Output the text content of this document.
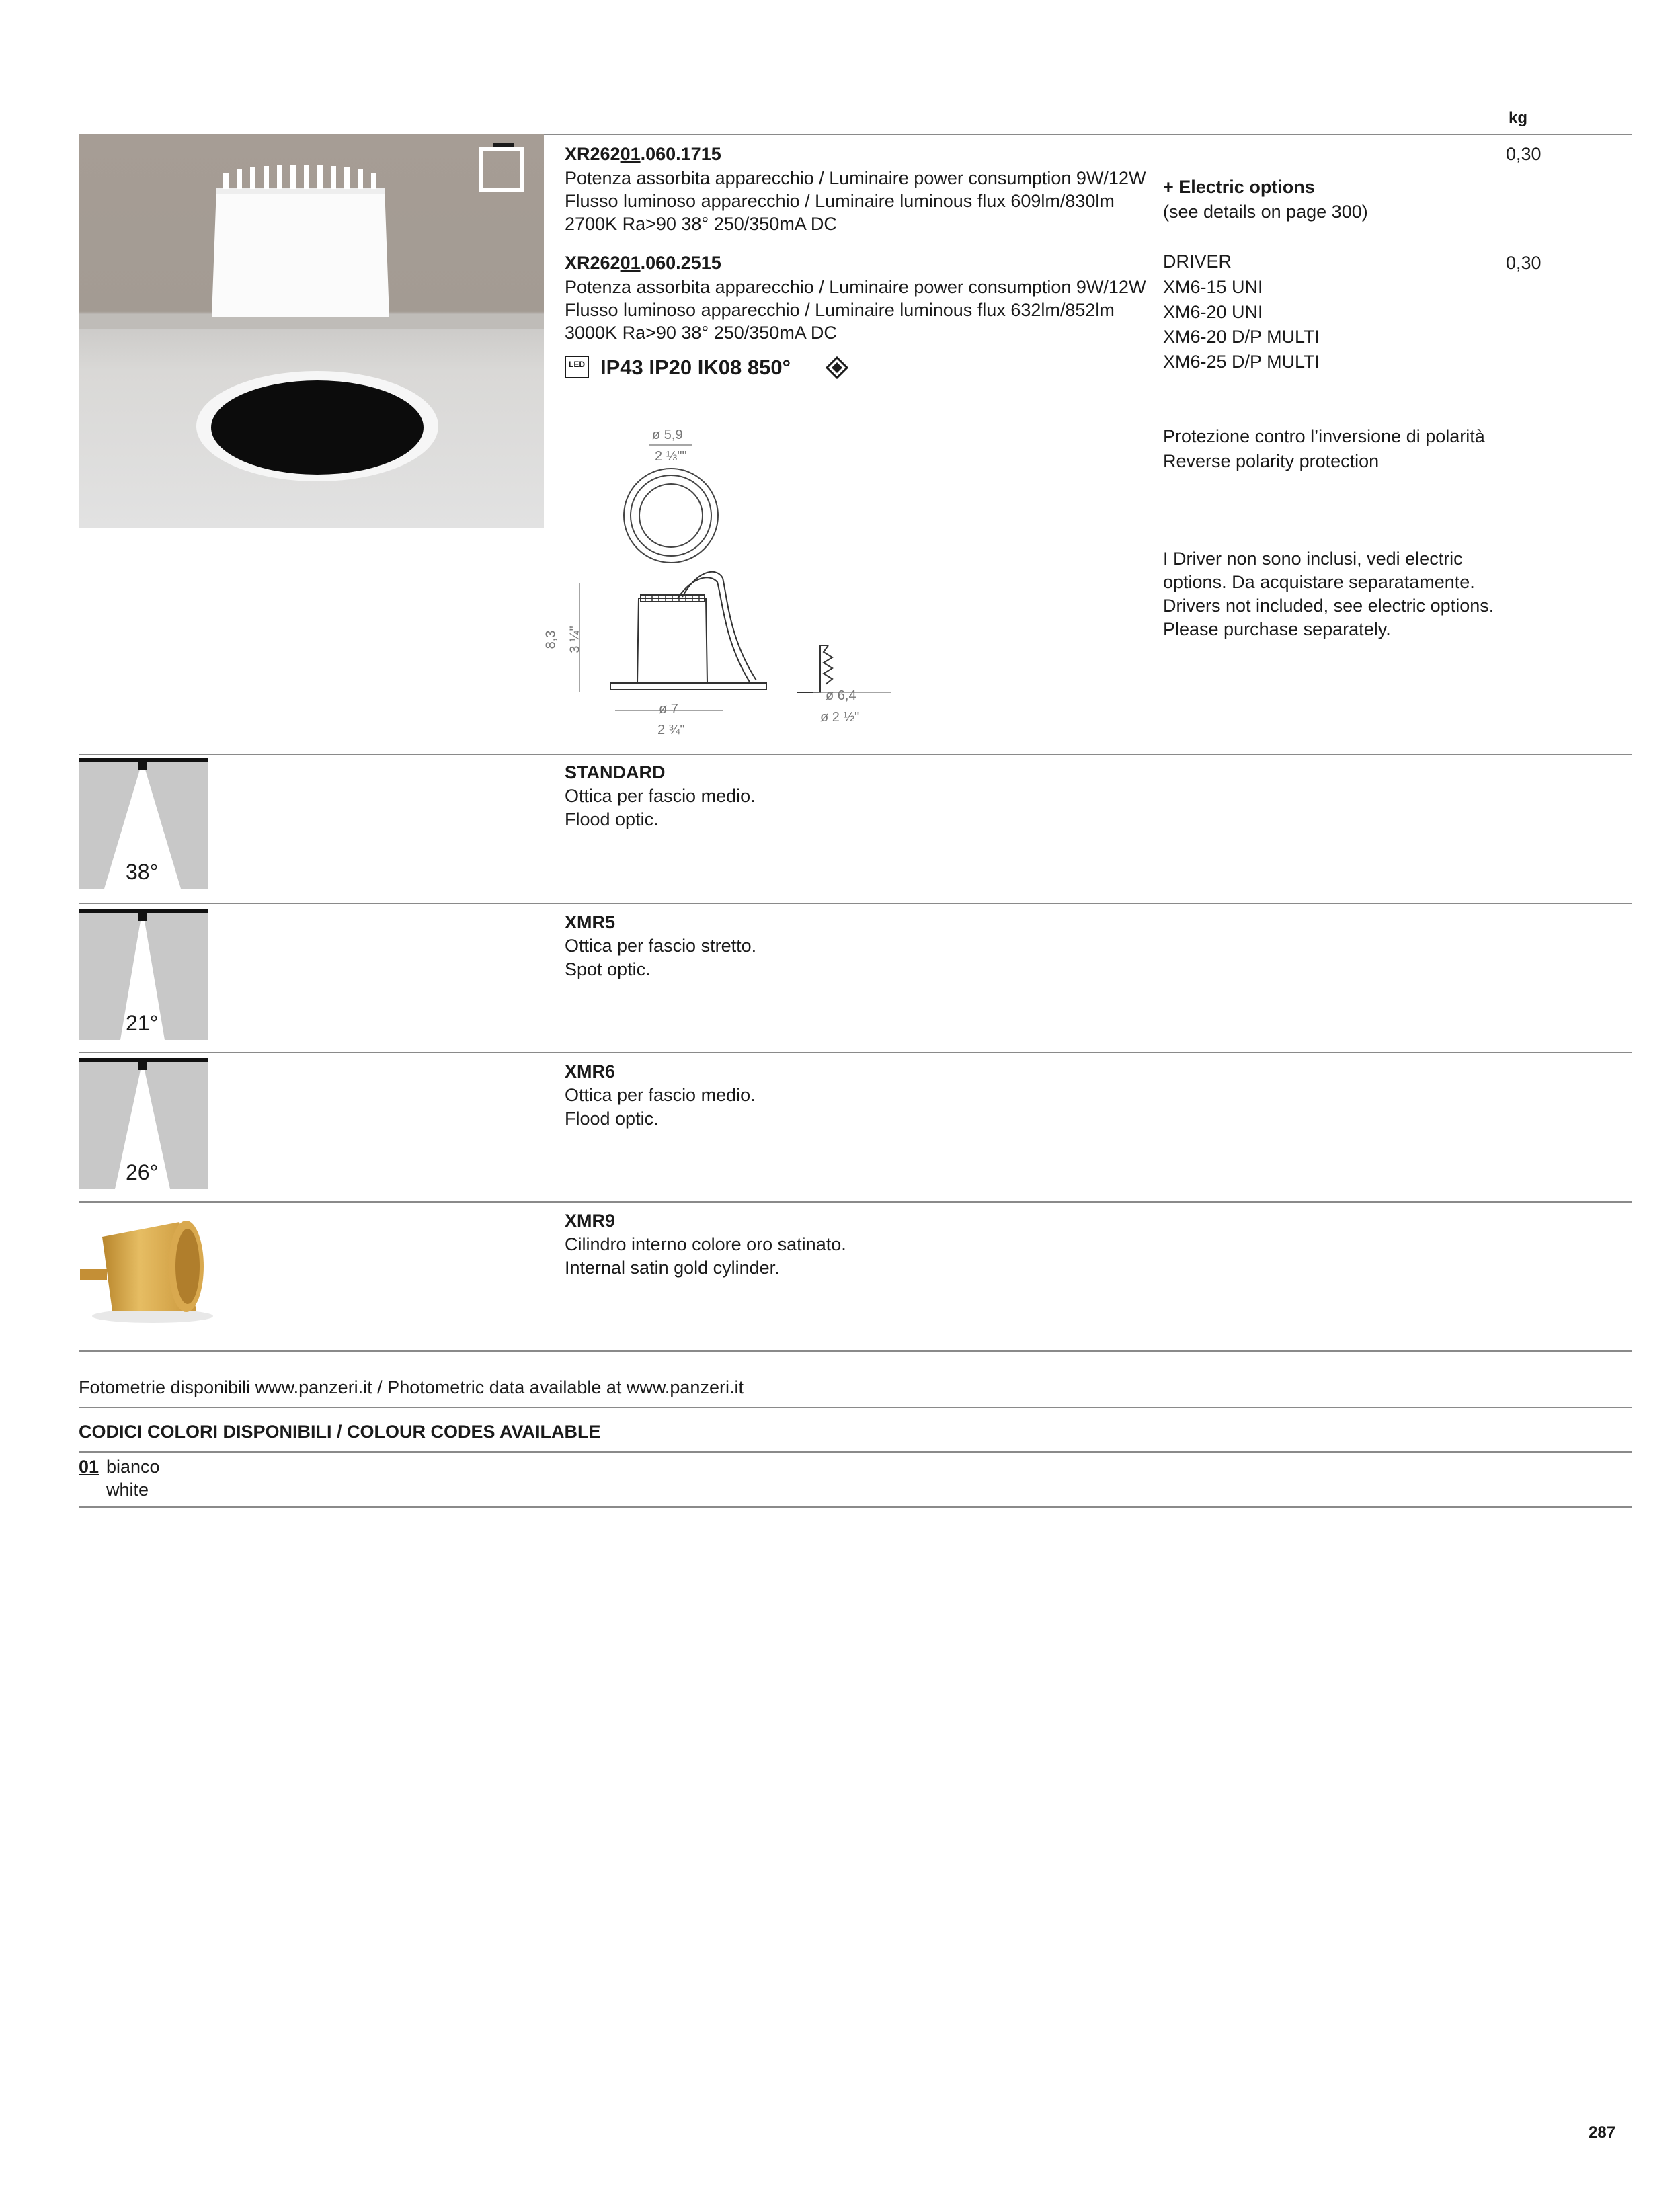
kg
XR26201.060.1715
Potenza assorbita apparecchio / Luminaire power consumption 9W/12W
Flusso luminoso apparecchio / Luminaire luminous flux 609lm/830lm
2700K Ra>90 38° 250/350mA DC
0,30
XR26201.060.2515
Potenza assorbita apparecchio / Luminaire power consumption 9W/12W
Flusso luminoso apparecchio / Luminaire luminous flux 632lm/852lm
3000K Ra>90 38° 250/350mA DC
0,30
LED IP43 IP20 IK08 850°
+ Electric options
(see details on page 300)
DRIVER
XM6-15 UNI
XM6-20 UNI
XM6-20 D/P MULTI
XM6-25 D/P MULTI
Protezione contro l’inversione di polarità
Reverse polarity protection
I Driver non sono inclusi, vedi electric
options. Da acquistare separatamente.
Drivers not included, see electric options.
Please purchase separately.
ø 5,9
2 ⅓""
8,3 3 ¼"
ø 7
2 ¾"
ø 6,4
ø 2 ½"
38°
STANDARD
Ottica per fascio medio.
Flood optic.
21°
XMR5
Ottica per fascio stretto.
Spot optic.
26°
XMR6
Ottica per fascio medio.
Flood optic.
XMR9
Cilindro interno colore oro satinato.
Internal satin gold cylinder.
Fotometrie disponibili www.panzeri.it / Photometric data available at www.panzeri.it
CODICI COLORI DISPONIBILI / COLOUR CODES AVAILABLE
01 bianco
white
287
